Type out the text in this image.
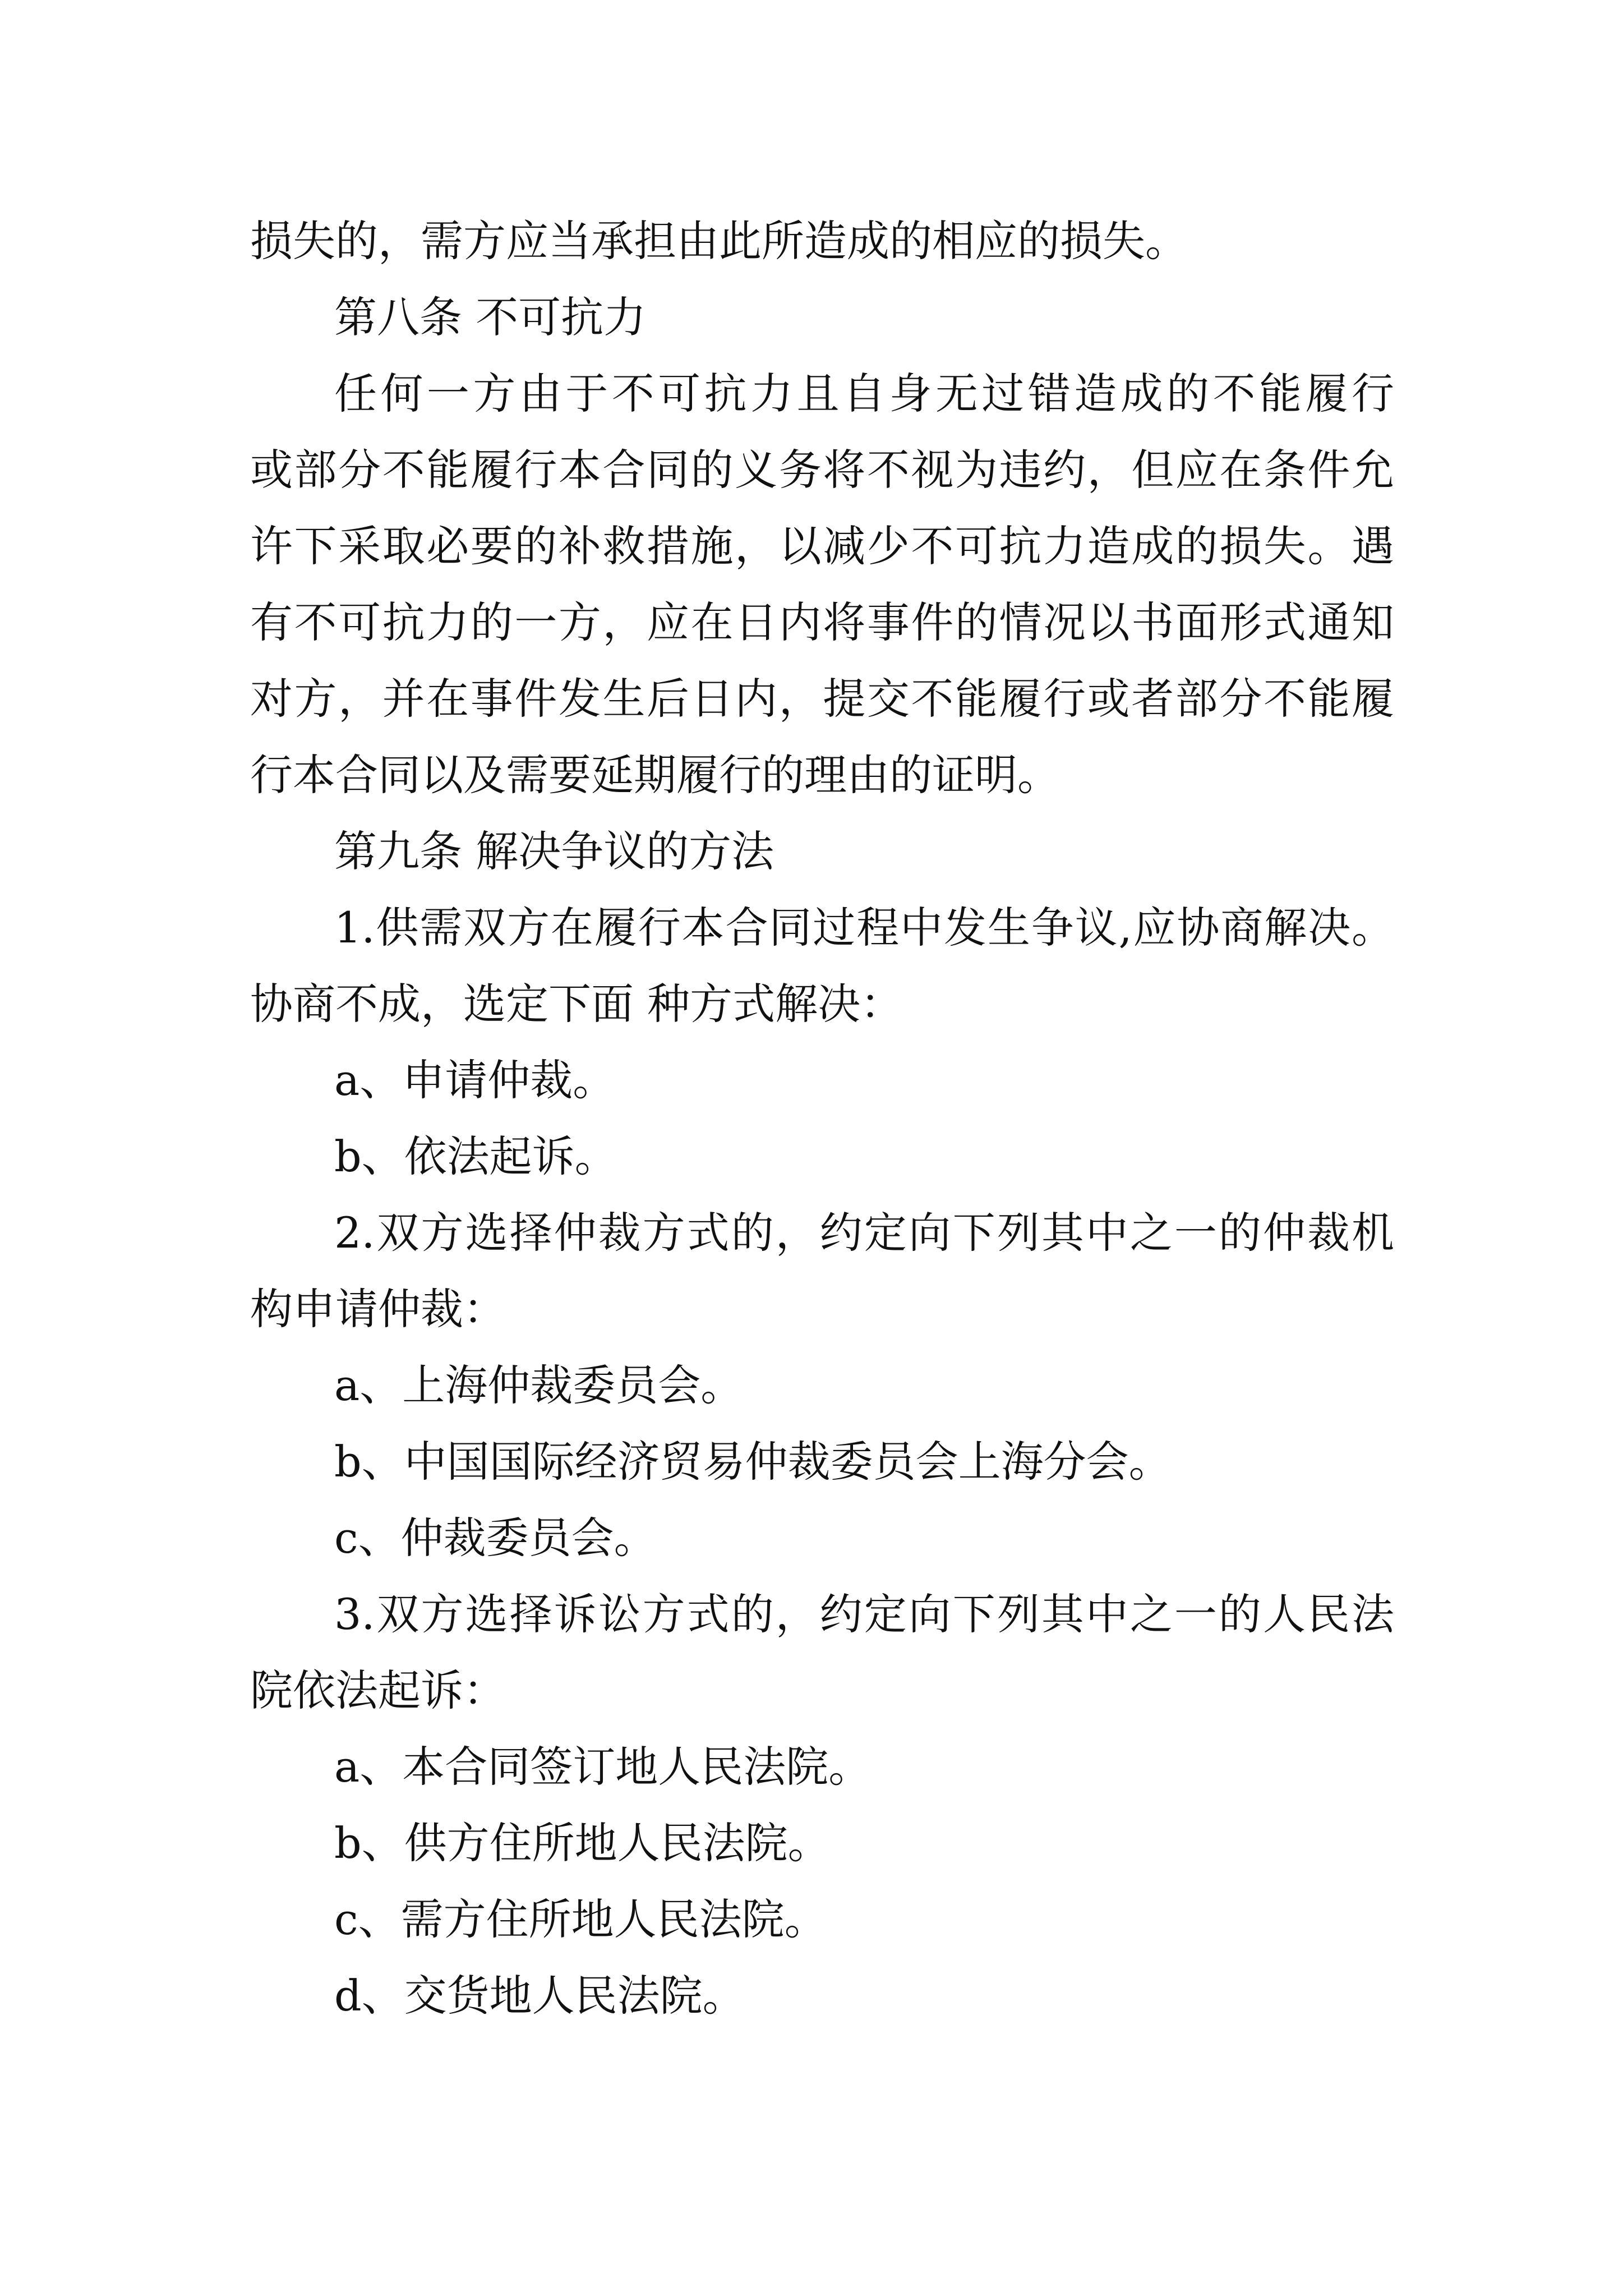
损失的，需方应当承担由此所造成的相应的损失。
第八条 不可抗力
任何一方由于不可抗力且自身无过错造成的不能履行
或部分不能履行本合同的义务将不视为违约，但应在条件允
许下采取必要的补救措施，以减少不可抗力造成的损失。遇
有不可抗力的一方，应在日内将事件的情况以书面形式通知
对方，并在事件发生后日内，提交不能履行或者部分不能履
行本合同以及需要延期履行的理由的证明。
第九条 解决争议的方法
1.供需双方在履行本合同过程中发生争议,应协商解决。
协商不成，选定下面 种方式解决：
a、申请仲裁。
b、依法起诉。
2.双方选择仲裁方式的，约定向下列其中之一的仲裁机
构申请仲裁：
a、上海仲裁委员会。
b、中国国际经济贸易仲裁委员会上海分会。
c、仲裁委员会。
3.双方选择诉讼方式的，约定向下列其中之一的人民法
院依法起诉：
a、本合同签订地人民法院。
b、供方住所地人民法院。
c、需方住所地人民法院。
d、交货地人民法院。
